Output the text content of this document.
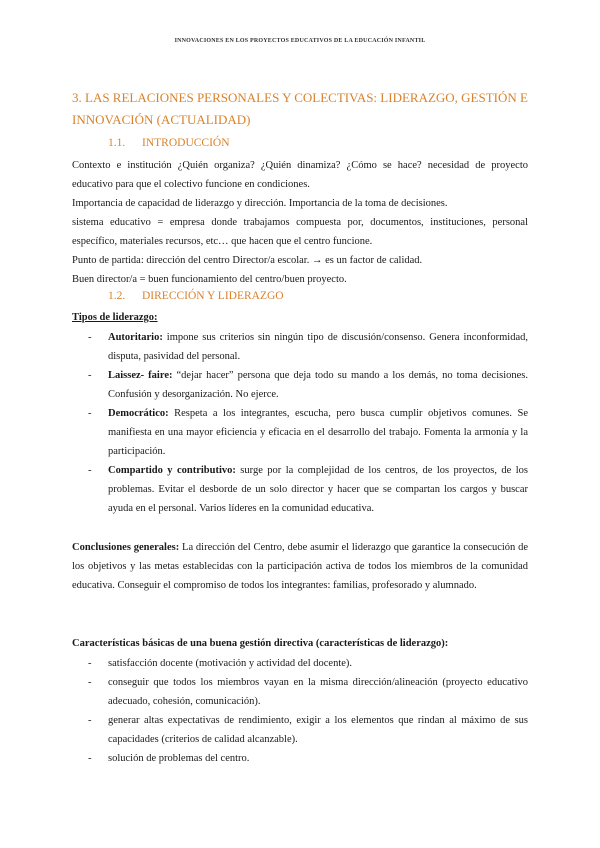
INNOVACIONES EN LOS PROYECTOS EDUCATIVOS DE LA EDUCACIÓN INFANTIL
3. LAS RELACIONES PERSONALES Y COLECTIVAS: LIDERAZGO, GESTIÓN E INNOVACIÓN (ACTUALIDAD)
1.1. INTRODUCCIÓN

Contexto e institución ¿Quién organiza? ¿Quién dinamiza? ¿Cómo se hace? necesidad de proyecto educativo para que el colectivo funcione en condiciones.

Importancia de capacidad de liderazgo y dirección. Importancia de la toma de decisiones.

sistema educativo = empresa donde trabajamos compuesta por, documentos, instituciones, personal específico, materiales recursos, etc… que hacen que el centro funcione.

Punto de partida: dirección del centro Director/a escolar. → es un factor de calidad.

Buen director/a = buen funcionamiento del centro/buen proyecto.

1.2. DIRECCIÓN Y LIDERAZGO

Tipos de liderazgo:

- Autoritario: impone sus criterios sin ningún tipo de discusión/consenso. Genera inconformidad, disputa, pasividad del personal.
- Laissez- faire: “dejar hacer” persona que deja todo su mando a los demás, no toma decisiones. Confusión y desorganización. No ejerce.
- Democrático: Respeta a los integrantes, escucha, pero busca cumplir objetivos comunes. Se manifiesta en una mayor eficiencia y eficacia en el desarrollo del trabajo. Fomenta la armonía y la participación.
- Compartido y contributivo: surge por la complejidad de los centros, de los proyectos, de los problemas. Evitar el desborde de un solo director y hacer que se compartan los cargos y buscar ayuda en el personal. Varios líderes en la comunidad educativa.

Conclusiones generales: La dirección del Centro, debe asumir el liderazgo que garantice la consecución de los objetivos y las metas establecidas con la participación activa de todos los miembros de la comunidad educativa. Conseguir el compromiso de todos los integrantes: familias, profesorado y alumnado.

Características básicas de una buena gestión directiva (características de liderazgo):

- satisfacción docente (motivación y actividad del docente).
- conseguir que todos los miembros vayan en la misma dirección/alineación (proyecto educativo adecuado, cohesión, comunicación).
- generar altas expectativas de rendimiento, exigir a los elementos que rindan al máximo de sus capacidades (criterios de calidad alcanzable).
- solución de problemas del centro.
